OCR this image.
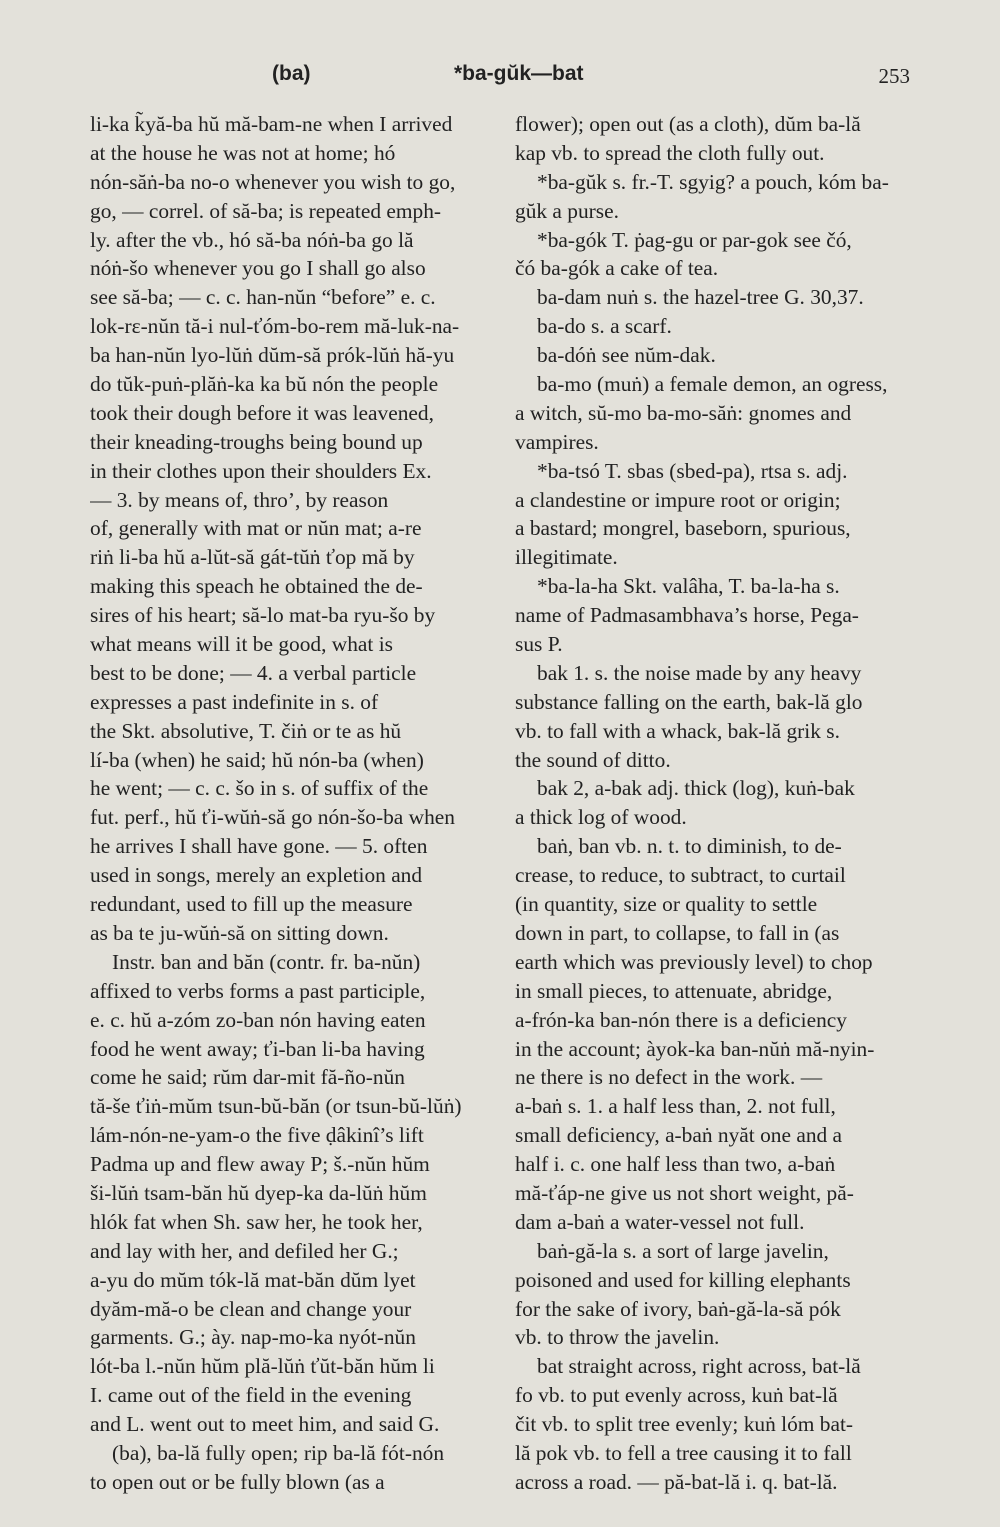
(ba)	*ba-gŭk—bat	253
li-ka k̃yă-ba hŭ mă-bam-ne when I arrived
at the house he was not at home; hó
nón-săṅ-ba no-o whenever you wish to go,
go, — correl. of să-ba; is repeated emph-
ly. after the vb., hó să-ba nóṅ-ba go lă
nóṅ-šo whenever you go I shall go also
see să-ba; — c. c. han-nŭn “before” e. c.
lok-rε-nŭn tă-i nul-ťóm-bo-rem mă-luk-na-
ba han-nŭn lyo-lŭṅ dŭm-să prók-lŭṅ hă-yu
do tŭk-puṅ-plăṅ-ka ka bŭ nón the people
took their dough before it was leavened,
their kneading-troughs being bound up
in their clothes upon their shoulders Ex.
— 3. by means of, thro’, by reason
of, generally with mat or nŭn mat; a-re
riṅ li-ba hŭ a-lŭt-să gát-tŭṅ ťop mă by
making this speach he obtained the de-
sires of his heart; să-lo mat-ba ryu-šo by
what means will it be good, what is
best to be done; — 4. a verbal particle
expresses a past indefinite in s. of
the Skt. absolutive, T. čiṅ or te as hŭ
lí-ba (when) he said; hŭ nón-ba (when)
he went; — c. c. šo in s. of suffix of the
fut. perf., hŭ ťi-wŭṅ-să go nón-šo-ba when
he arrives I shall have gone. — 5. often
used in songs, merely an expletion and
redundant, used to fill up the measure
as ba te ju-wŭṅ-să on sitting down.
Instr. ban and băn (contr. fr. ba-nŭn)
affixed to verbs forms a past participle,
e. c. hŭ a-zóm zo-ban nón having eaten
food he went away; ťi-ban li-ba having
come he said; rŭm dar-mit fă-ño-nŭn
tă-še ťiṅ-mŭm tsun-bŭ-băn (or tsun-bŭ-lŭṅ)
lám-nón-ne-yam-o the five ḍâkinî’s lift
Padma up and flew away P; š.-nŭn hŭm
ši-lŭṅ tsam-băn hŭ dyep-ka da-lŭṅ hŭm
hlók fat when Sh. saw her, he took her,
and lay with her, and defiled her G.;
a-yu do mŭm tók-lă mat-băn dŭm lyet
dyăm-mă-o be clean and change your
garments. G.; ày. nap-mo-ka nyót-nŭn
lót-ba l.-nŭn hŭm plă-lŭṅ ťŭt-băn hŭm li
I. came out of the field in the evening
and L. went out to meet him, and said G.
(ba), ba-lă fully open; rip ba-lă fót-nón
to open out or be fully blown (as a
flower); open out (as a cloth), dŭm ba-lă
kap vb. to spread the cloth fully out.
*ba-gŭk s. fr.-T. sgyig? a pouch, kóm ba-
gŭk a purse.
*ba-gók T. ṗag-gu or par-gok see čó,
čó ba-gók a cake of tea.
ba-dam nuṅ s. the hazel-tree G. 30,37.
ba-do s. a scarf.
ba-dóṅ see nŭm-dak.
ba-mo (muṅ) a female demon, an ogress,
a witch, sŭ-mo ba-mo-săṅ: gnomes and
vampires.
*ba-tsó T. sbas (sbed-pa), rtsa s. adj.
a clandestine or impure root or origin;
a bastard; mongrel, baseborn, spurious,
illegitimate.
*ba-la-ha Skt. valâha, T. ba-la-ha s.
name of Padmasambhava’s horse, Pega-
sus P.
bak 1. s. the noise made by any heavy
substance falling on the earth, bak-lă glo
vb. to fall with a whack, bak-lă grik s.
the sound of ditto.
bak 2, a-bak adj. thick (log), kuṅ-bak
a thick log of wood.
baṅ, ban vb. n. t. to diminish, to de-
crease, to reduce, to subtract, to curtail
(in quantity, size or quality to settle
down in part, to collapse, to fall in (as
earth which was previously level) to chop
in small pieces, to attenuate, abridge,
a-frón-ka ban-nón there is a deficiency
in the account; àyok-ka ban-nŭṅ mă-nyin-
ne there is no defect in the work. —
a-baṅ s. 1. a half less than, 2. not full,
small deficiency, a-baṅ nyăt one and a
half i. c. one half less than two, a-baṅ
mă-ťáp-ne give us not short weight, pă-
dam a-baṅ a water-vessel not full.
baṅ-gă-la s. a sort of large javelin,
poisoned and used for killing elephants
for the sake of ivory, baṅ-gă-la-să pók
vb. to throw the javelin.
bat straight across, right across, bat-lă
fo vb. to put evenly across, kuṅ bat-lă
čit vb. to split tree evenly; kuṅ lóm bat-
lă pok vb. to fell a tree causing it to fall
across a road. — pă-bat-lă i. q. bat-lă.
